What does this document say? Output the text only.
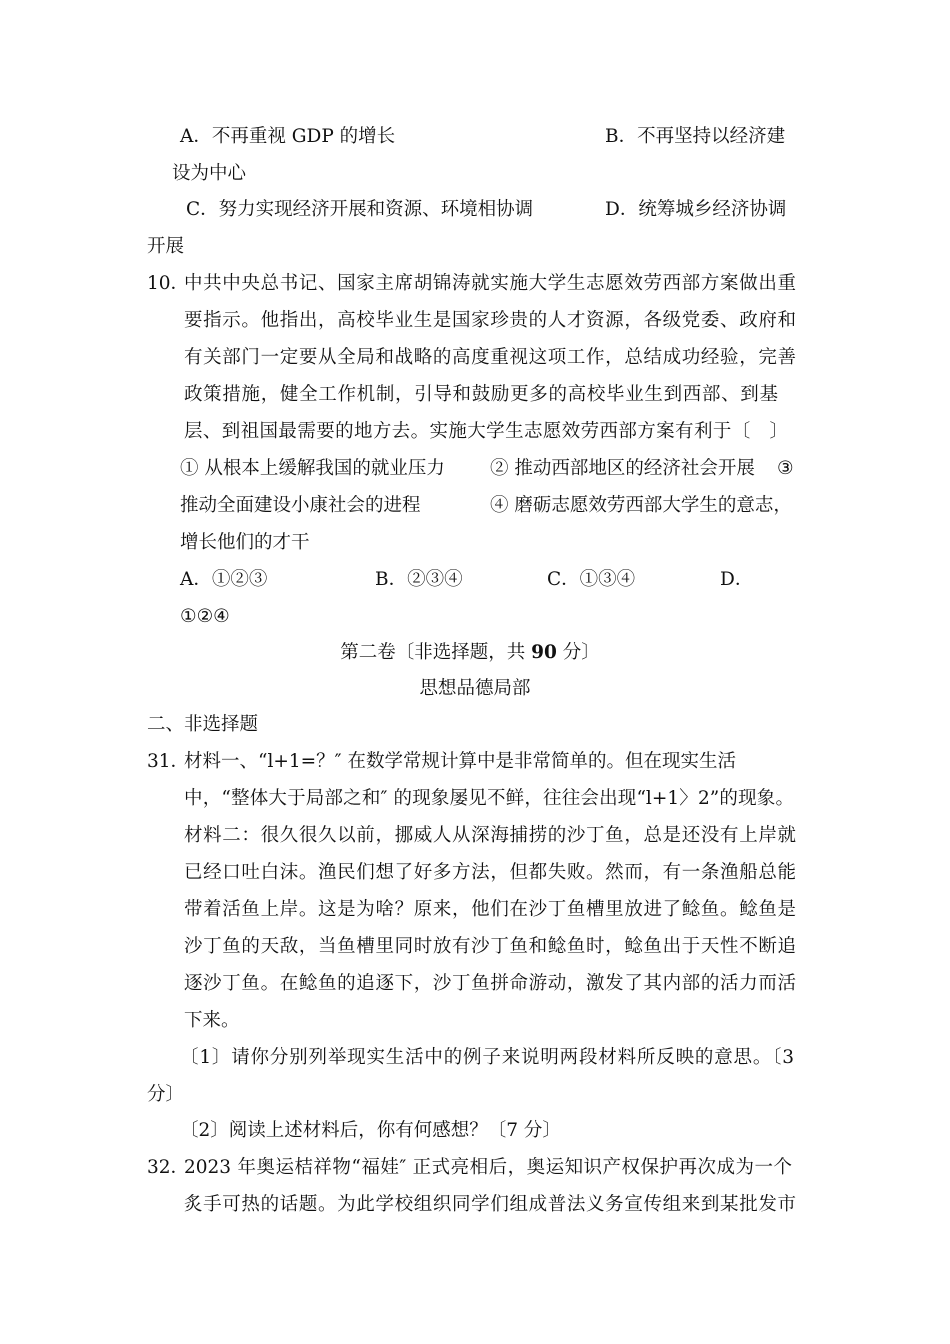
A．不再重视 GDP 的增长	B．不再坚持以经济建
设为中心
C．努力实现经济开展和资源、环境相协调	D．统筹城乡经济协调
开展
10．
中共中央总书记、国家主席胡锦涛就实施大学生志愿效劳西部方案做出重
要指示。他指出，高校毕业生是国家珍贵的人才资源，各级党委、政府和
有关部门一定要从全局和战略的高度重视这项工作，总结成功经验，完善
政策措施，健全工作机制，引导和鼓励更多的高校毕业生到西部、到基
层、到祖国最需要的地方去。实施大学生志愿效劳西部方案有利于〔　〕
① 从根本上缓解我国的就业压力 ② 推动西部地区的经济社会开展 ③
推动全面建设小康社会的进程	④ 磨砺志愿效劳西部大学生的意志，
增长他们的才干
A．①②③	B．②③④	C．①③④	D．
①②④
第二卷〔非选择题，共 90 分〕
思想品德局部
二、非选择题
31．
材料一、“l+1=？″ 在数学常规计算中是非常简单的。但在现实生活
中，“整体大于局部之和″ 的现象屡见不鲜，往往会出现“l+1〉2”的现象。
材料二：很久很久以前，挪威人从深海捕捞的沙丁鱼，总是还没有上岸就
已经口吐白沫。渔民们想了好多方法，但都失败。然而，有一条渔船总能
带着活鱼上岸。这是为啥？原来，他们在沙丁鱼槽里放进了鲶鱼。鲶鱼是
沙丁鱼的天敌，当鱼槽里同时放有沙丁鱼和鲶鱼时，鲶鱼出于天性不断追
逐沙丁鱼。在鲶鱼的追逐下，沙丁鱼拼命游动，激发了其内部的活力而活
下来。
〔1〕请你分别列举现实生活中的例子来说明两段材料所反映的意思。〔3
分〕
〔2〕阅读上述材料后，你有何感想？〔7 分〕
32．
2023 年奥运桔祥物“福娃″ 正式亮相后，奥运知识产权保护再次成为一个
炙手可热的话题。为此学校组织同学们组成普法义务宣传组来到某批发市
